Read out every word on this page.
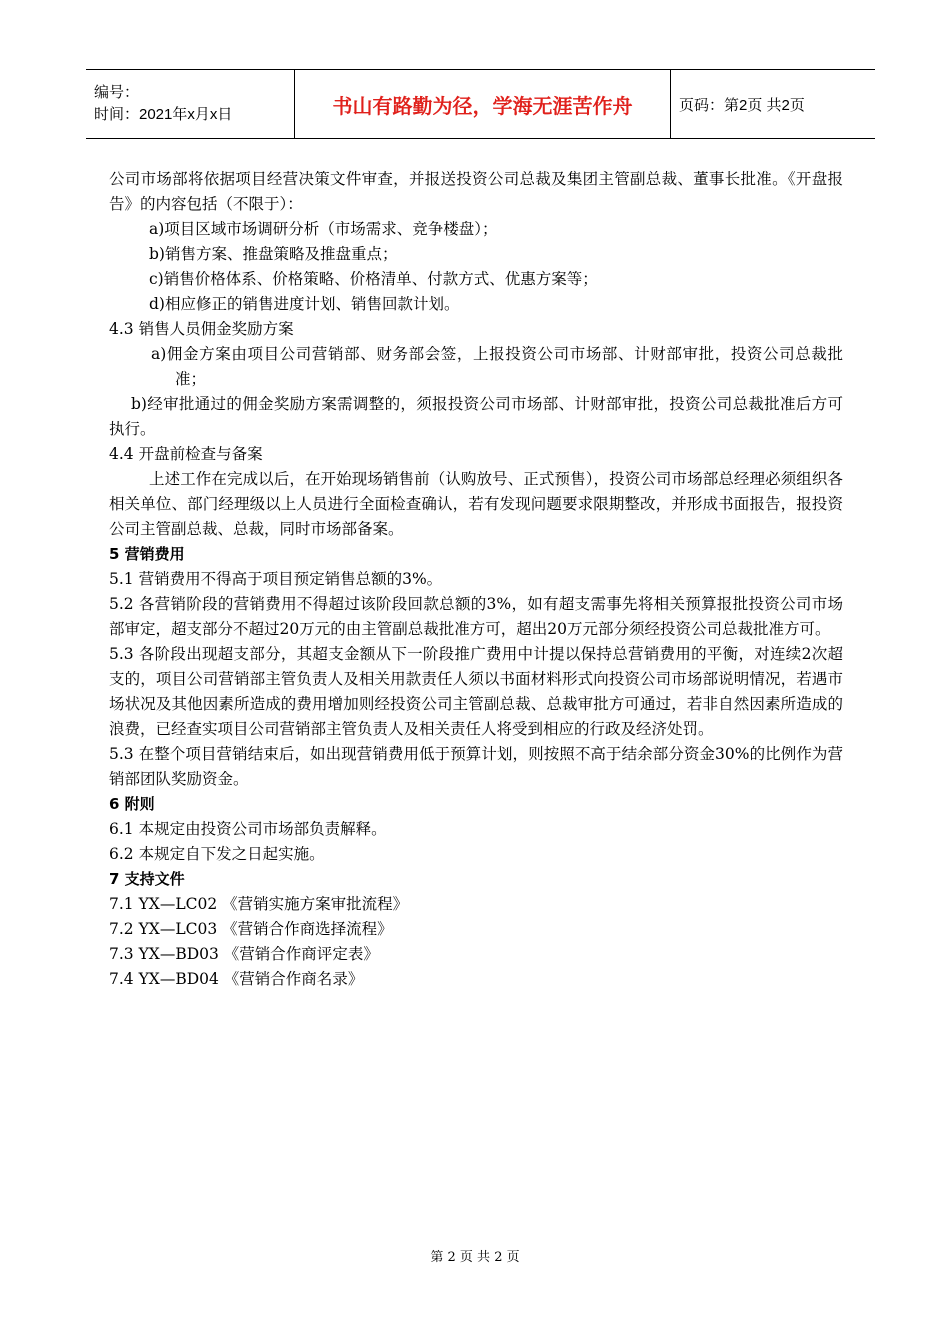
编号：
时间：2021年x月x日	书山有路勤为径，学海无涯苦作舟	页码：第2页 共2页

公司市场部将依据项目经营决策文件审查，并报送投资公司总裁及集团主管副总裁、董事长批准。《开盘报告》的内容包括（不限于）：

a)项目区域市场调研分析（市场需求、竞争楼盘）；

b)销售方案、推盘策略及推盘重点；

c)销售价格体系、价格策略、价格清单、付款方式、优惠方案等；

d)相应修正的销售进度计划、销售回款计划。

4.3 销售人员佣金奖励方案

a)佣金方案由项目公司营销部、财务部会签，上报投资公司市场部、计财部审批，投资公司总裁批准；

b)经审批通过的佣金奖励方案需调整的，须报投资公司市场部、计财部审批，投资公司总裁批准后方可执行。

4.4 开盘前检查与备案

上述工作在完成以后，在开始现场销售前（认购放号、正式预售），投资公司市场部总经理必须组织各相关单位、部门经理级以上人员进行全面检查确认，若有发现问题要求限期整改，并形成书面报告，报投资公司主管副总裁、总裁，同时市场部备案。

5 营销费用

5.1 营销费用不得高于项目预定销售总额的3%。

5.2 各营销阶段的营销费用不得超过该阶段回款总额的3%，如有超支需事先将相关预算报批投资公司市场部审定，超支部分不超过20万元的由主管副总裁批准方可，超出20万元部分须经投资公司总裁批准方可。

5.3 各阶段出现超支部分，其超支金额从下一阶段推广费用中计提以保持总营销费用的平衡，对连续2次超支的，项目公司营销部主管负责人及相关用款责任人须以书面材料形式向投资公司市场部说明情况，若遇市场状况及其他因素所造成的费用增加则经投资公司主管副总裁、总裁审批方可通过，若非自然因素所造成的浪费，已经查实项目公司营销部主管负责人及相关责任人将受到相应的行政及经济处罚。

5.3 在整个项目营销结束后，如出现营销费用低于预算计划，则按照不高于结余部分资金30%的比例作为营销部团队奖励资金。

6 附则

6.1 本规定由投资公司市场部负责解释。

6.2 本规定自下发之日起实施。

7 支持文件

7.1 YX—LC02 《营销实施方案审批流程》

7.2 YX—LC03 《营销合作商选择流程》

7.3 YX—BD03 《营销合作商评定表》

7.4 YX—BD04 《营销合作商名录》

第 2 页 共 2 页
